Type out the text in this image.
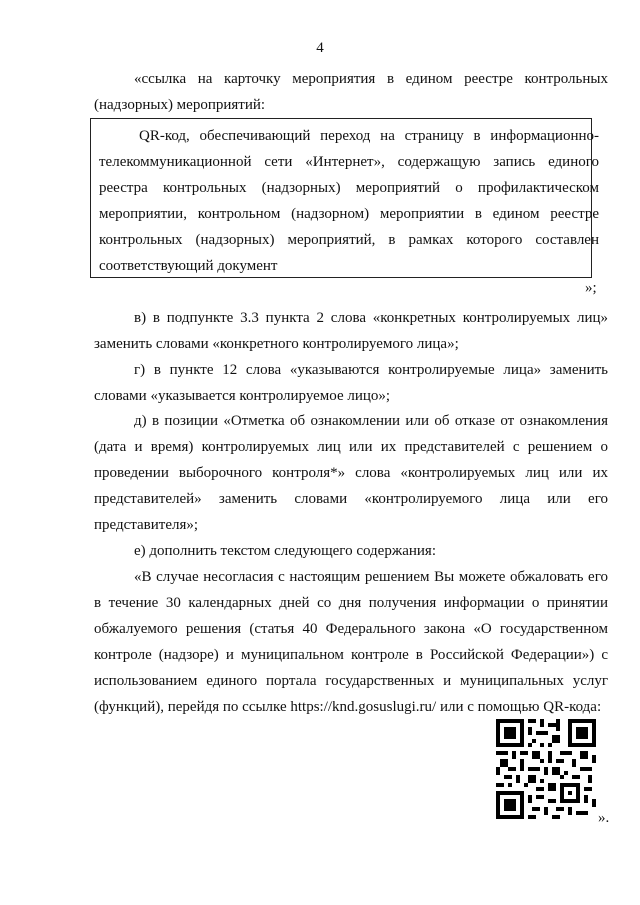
4

«ссылка на карточку мероприятия в едином реестре контрольных (надзорных) мероприятий:

QR-код, обеспечивающий переход на страницу в информационно-телекоммуникационной сети «Интернет», содержащую запись единого реестра контрольных (надзорных) мероприятий о профилактическом мероприятии, контрольном (надзорном) мероприятии в едином реестре контрольных (надзорных) мероприятий, в рамках которого составлен соответствующий документ

»;

в) в подпункте 3.3 пункта 2 слова «конкретных контролируемых лиц» заменить словами «конкретного контролируемого лица»;

г) в пункте 12 слова «указываются контролируемые лица» заменить словами «указывается контролируемое лицо»;

д) в позиции «Отметка об ознакомлении или об отказе от ознакомления (дата и время) контролируемых лиц или их представителей с решением о проведении выборочного контроля*» слова «контролируемых лиц или их представителей» заменить словами «контролируемого лица или его представителя»;

е) дополнить текстом следующего содержания:

«В случае несогласия с настоящим решением Вы можете обжаловать его в течение 30 календарных дней со дня получения информации о принятии обжалуемого решения (статья 40 Федерального закона «О государственном контроле (надзоре) и муниципальном контроле в Российской Федерации») с использованием единого портала государственных и муниципальных услуг (функций), перейдя по ссылке https://knd.gosuslugi.ru/ или с помощью QR-кода:

».
